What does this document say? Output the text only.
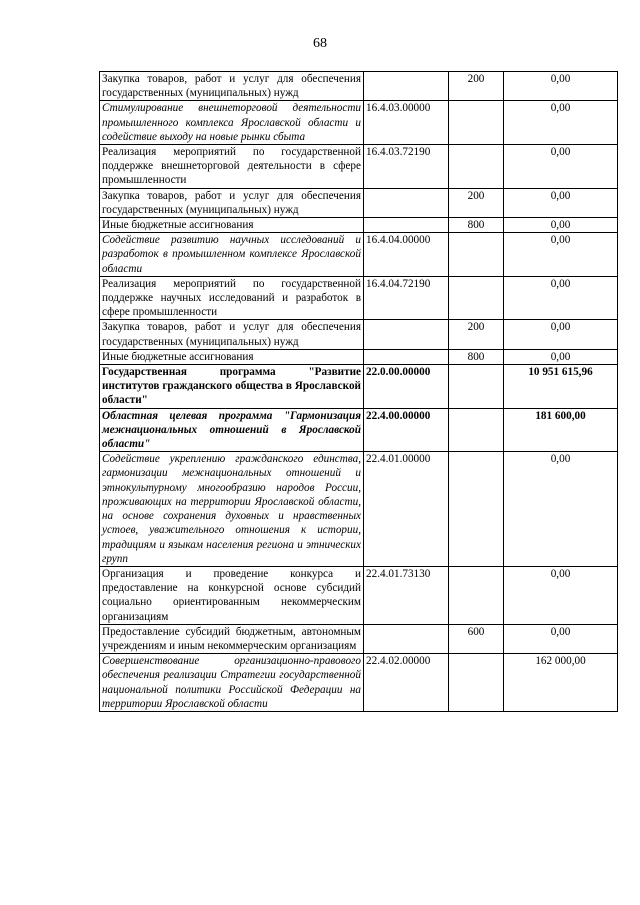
68
Закупка товаров, работ и услуг для обеспечения государственных (муниципальных) нужд		200	0,00
Стимулирование внешнеторговой деятельности промышленного комплекса Ярославской области и содействие выходу на новые рынки сбыта	16.4.03.00000		0,00
Реализация мероприятий по государственной поддержке внешнеторговой деятельности в сфере промышленности	16.4.03.72190		0,00
Закупка товаров, работ и услуг для обеспечения государственных (муниципальных) нужд		200	0,00
Иные бюджетные ассигнования		800	0,00
Содействие развитию научных исследований и разработок в промышленном комплексе Ярославской области	16.4.04.00000		0,00
Реализация мероприятий по государственной поддержке научных исследований и разработок в сфере промышленности	16.4.04.72190		0,00
Закупка товаров, работ и услуг для обеспечения государственных (муниципальных) нужд		200	0,00
Иные бюджетные ассигнования		800	0,00
Государственная программа "Развитие институтов гражданского общества в Ярославской области"	22.0.00.00000		10 951 615,96
Областная целевая программа "Гармонизация межнациональных отношений в Ярославской области"	22.4.00.00000		181 600,00
Содействие укреплению гражданского единства, гармонизации межнациональных отношений и этнокультурному многообразию народов России, проживающих на территории Ярославской области, на основе сохранения духовных и нравственных устоев, уважительного отношения к истории, традициям и языкам населения региона и этнических групп	22.4.01.00000		0,00
Организация и проведение конкурса и предоставление на конкурсной основе субсидий социально ориентированным некоммерческим организациям	22.4.01.73130		0,00
Предоставление субсидий бюджетным, автономным учреждениям и иным некоммерческим организациям		600	0,00
Совершенствование организационно-правового обеспечения реализации Стратегии государственной национальной политики Российской Федерации на территории Ярославской области	22.4.02.00000		162 000,00
